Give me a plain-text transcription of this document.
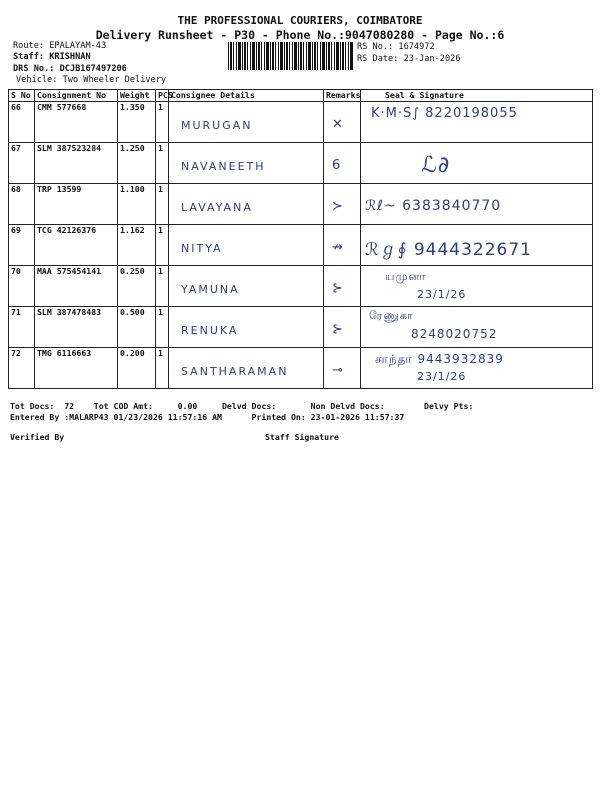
THE PROFESSIONAL COURIERS, COIMBATORE
Delivery Runsheet - P30 - Phone No.:9047080280 - Page No.:6
Route: EPALAYAM-43
Staff: KRISHNAN
DRS No.: DCJB167497206
Vehicle: Two Wheeler Delivery
RS No.: 1674972
RS Date: 23-Jan-2026
S No	Consignment No	Weight	PCS	Consignee Details	Remarks	Seal & Signature
66	CMM 577668	1.350	1	MURUGAN	✕	K·M·S∫ 8220198055

67	SLM 387523284	1.250	1	NAVANEETH	6	ℒ∂

68	TRP 13599	1.100	1	LAVAYANA	≻	ℛℓ~ 6383840770

69	TCG 42126376	1.162	1	NITYA	↛	ℛℊ∮ 9444322671

70	MAA 575454141	0.250	1	YAMUNA	⊱	யமுனா
23/1/26

71	SLM 387478483	0.500	1	RENUKA	⊱	ரேணுகா
8248020752

72	TMG 6116663	0.200	1	SANTHARAMAN	⊸	சாந்தா 9443932839
23/1/26
Tot Docs:  72    Tot COD Amt:     0.00     Delvd Docs:       Non Delvd Docs:        Delvy Pts:
Entered By :MALARP43 01/23/2026 11:57:16 AM      Printed On: 23-01-2026 11:57:37
Verified By	Staff Signature
